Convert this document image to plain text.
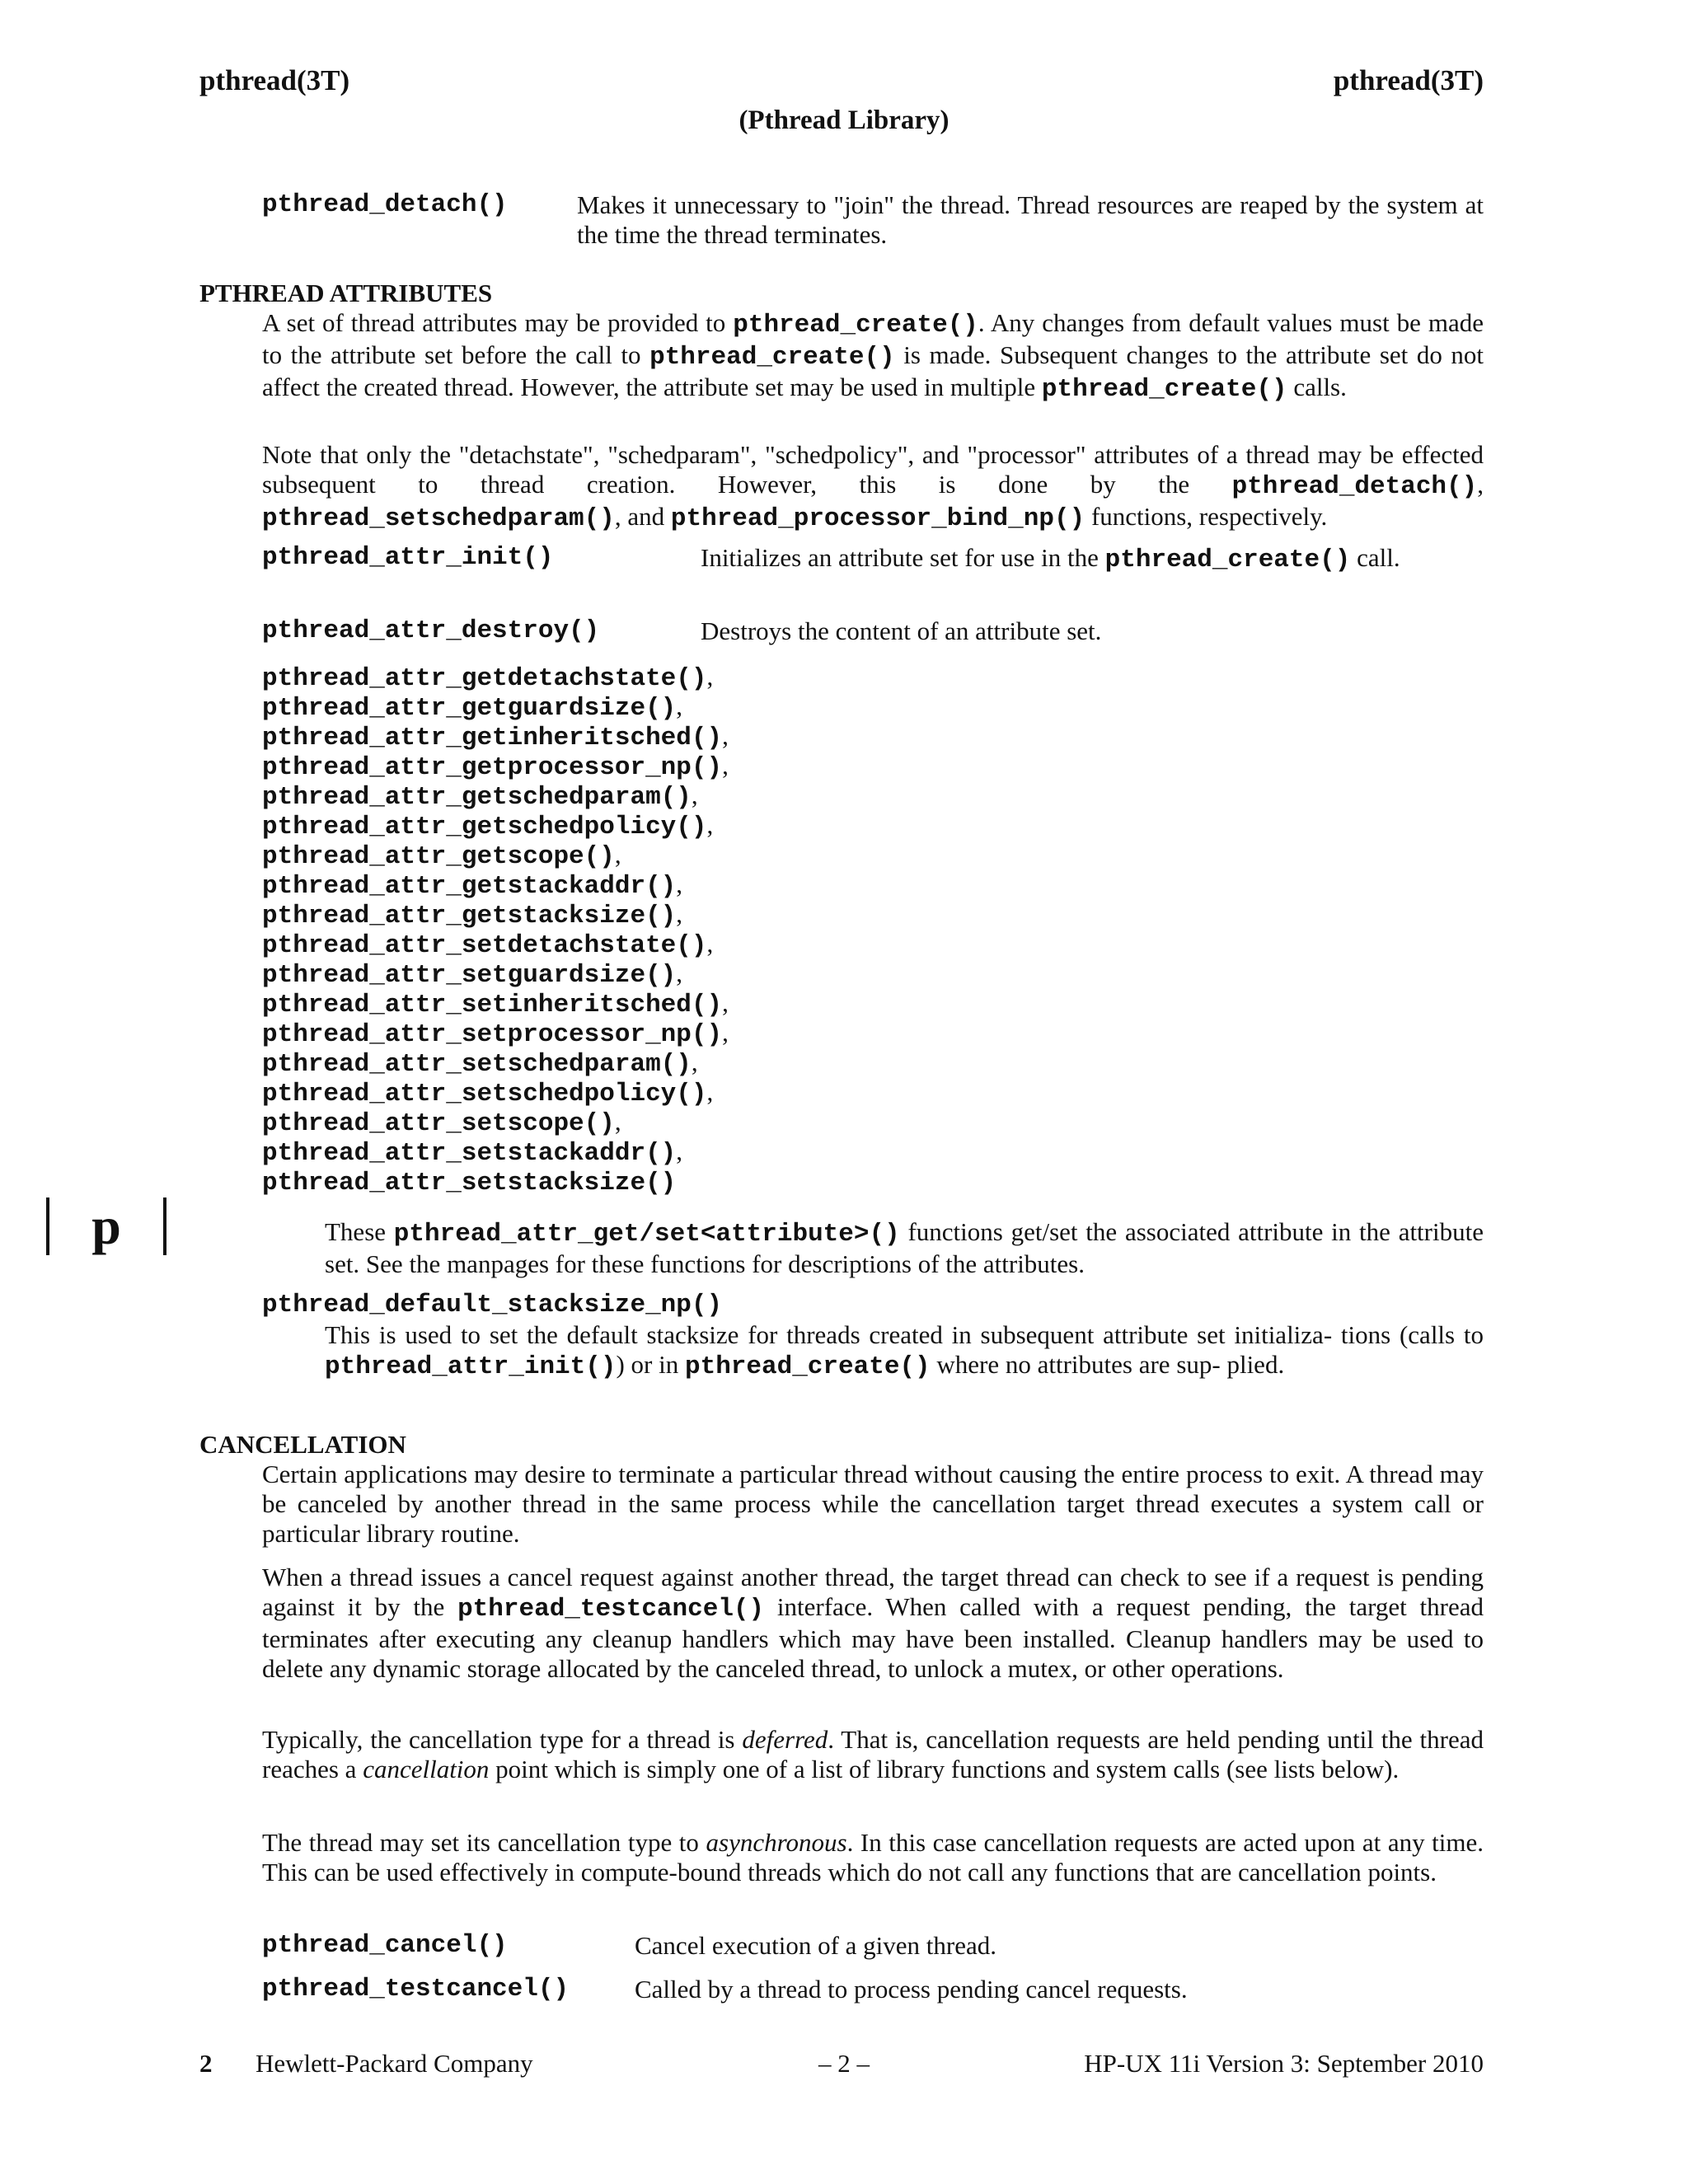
pthread(3T)	pthread(3T)
(Pthread Library)
pthread_detach()	Makes it unnecessary to "join" the thread. Thread resources are reaped by the system at the time the thread terminates.
PTHREAD ATTRIBUTES
A set of thread attributes may be provided to pthread_create(). Any changes from default values must be made to the attribute set before the call to pthread_create() is made. Subsequent changes to the attribute set do not affect the created thread. However, the attribute set may be used in multiple pthread_create() calls.
Note that only the "detachstate", "schedparam", "schedpolicy", and "processor" attributes of a thread may be effected subsequent to thread creation. However, this is done by the pthread_detach(), pthread_setschedparam(), and pthread_processor_bind_np() functions, respectively.
pthread_attr_init()	Initializes an attribute set for use in the pthread_create() call.
pthread_attr_destroy()	Destroys the content of an attribute set.
pthread_attr_getdetachstate(),
pthread_attr_getguardsize(),
pthread_attr_getinheritsched(),
pthread_attr_getprocessor_np(),
pthread_attr_getschedparam(),
pthread_attr_getschedpolicy(),
pthread_attr_getscope(),
pthread_attr_getstackaddr(),
pthread_attr_getstacksize(),
pthread_attr_setdetachstate(),
pthread_attr_setguardsize(),
pthread_attr_setinheritsched(),
pthread_attr_setprocessor_np(),
pthread_attr_setschedparam(),
pthread_attr_setschedpolicy(),
pthread_attr_setscope(),
pthread_attr_setstackaddr(),
pthread_attr_setstacksize()
p	These pthread_attr_get/set<attribute>() functions get/set the associated attribute in the attribute set. See the manpages for these functions for descriptions of the attributes.
pthread_default_stacksize_np()
This is used to set the default stacksize for threads created in subsequent attribute set initializa- tions (calls to pthread_attr_init()) or in pthread_create() where no attributes are sup- plied.
CANCELLATION
Certain applications may desire to terminate a particular thread without causing the entire process to exit. A thread may be canceled by another thread in the same process while the cancellation target thread executes a system call or particular library routine.
When a thread issues a cancel request against another thread, the target thread can check to see if a request is pending against it by the pthread_testcancel() interface. When called with a request pending, the target thread terminates after executing any cleanup handlers which may have been installed. Cleanup handlers may be used to delete any dynamic storage allocated by the canceled thread, to unlock a mutex, or other operations.
Typically, the cancellation type for a thread is deferred. That is, cancellation requests are held pending until the thread reaches a cancellation point which is simply one of a list of library functions and system calls (see lists below).
The thread may set its cancellation type to asynchronous. In this case cancellation requests are acted upon at any time. This can be used effectively in compute-bound threads which do not call any functions that are cancellation points.
pthread_cancel()	Cancel execution of a given thread.
pthread_testcancel()	Called by a thread to process pending cancel requests.
2 Hewlett-Packard Company	– 2 –	HP-UX 11i Version 3: September 2010
